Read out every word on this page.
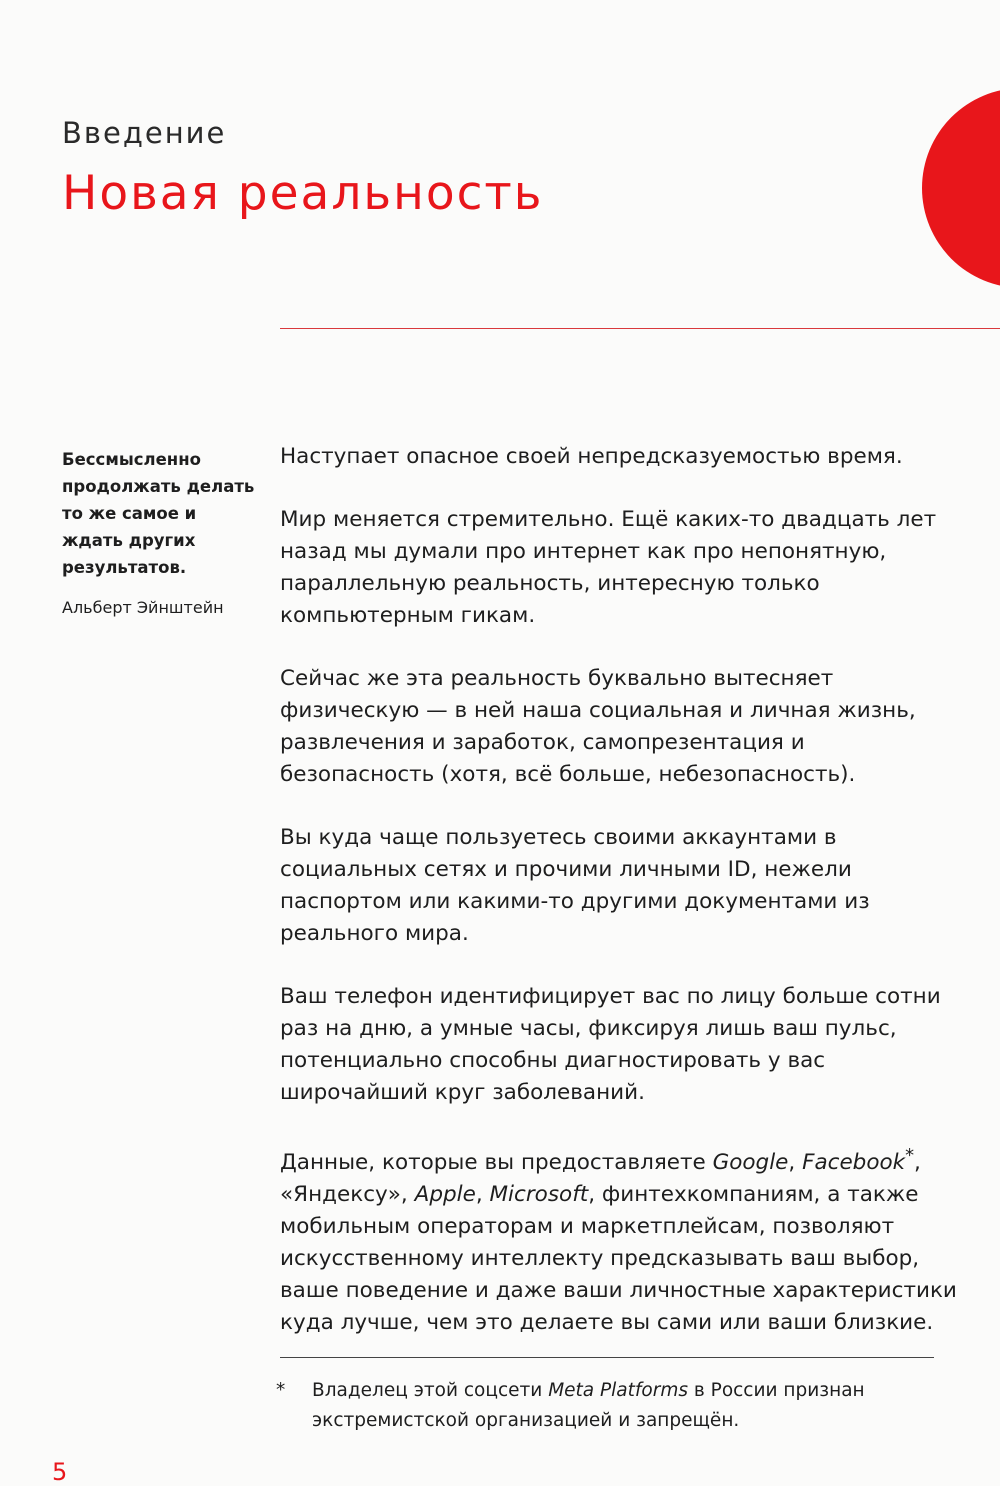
Введение
Новая реальность

Бессмысленно продолжать делать то же самое и ждать других результатов.

Альберт Эйнштейн

Наступает опасное своей непредсказуемостью время.

Мир меняется стремительно. Ещё каких-то двадцать лет назад мы думали про интернет как про непонятную, параллельную реальность, интересную только компьютерным гикам.

Сейчас же эта реальность буквально вытесняет физическую — в ней наша социальная и личная жизнь, развлечения и заработок, самопрезентация и безопасность (хотя, всё больше, небезопасность).

Вы куда чаще пользуетесь своими аккаунтами в социальных сетях и прочими личными ID, нежели паспортом или какими-то другими документами из реального мира.

Ваш телефон идентифицирует вас по лицу больше сотни раз на дню, а умные часы, фиксируя лишь ваш пульс, потенциально способны диагностировать у вас широчайший круг заболеваний.

Данные, которые вы предоставляете Google, Facebook*, «Яндексу», Apple, Microsoft, финтехкомпаниям, а также мобильным операторам и маркетплейсам, позволяют искусственному интеллекту предсказывать ваш выбор, ваше поведение и даже ваши личностные характеристики куда лучше, чем это делаете вы сами или ваши близкие.

*	Владелец этой соцсети Meta Platforms в России признан экстремистской организацией и запрещён.
5
